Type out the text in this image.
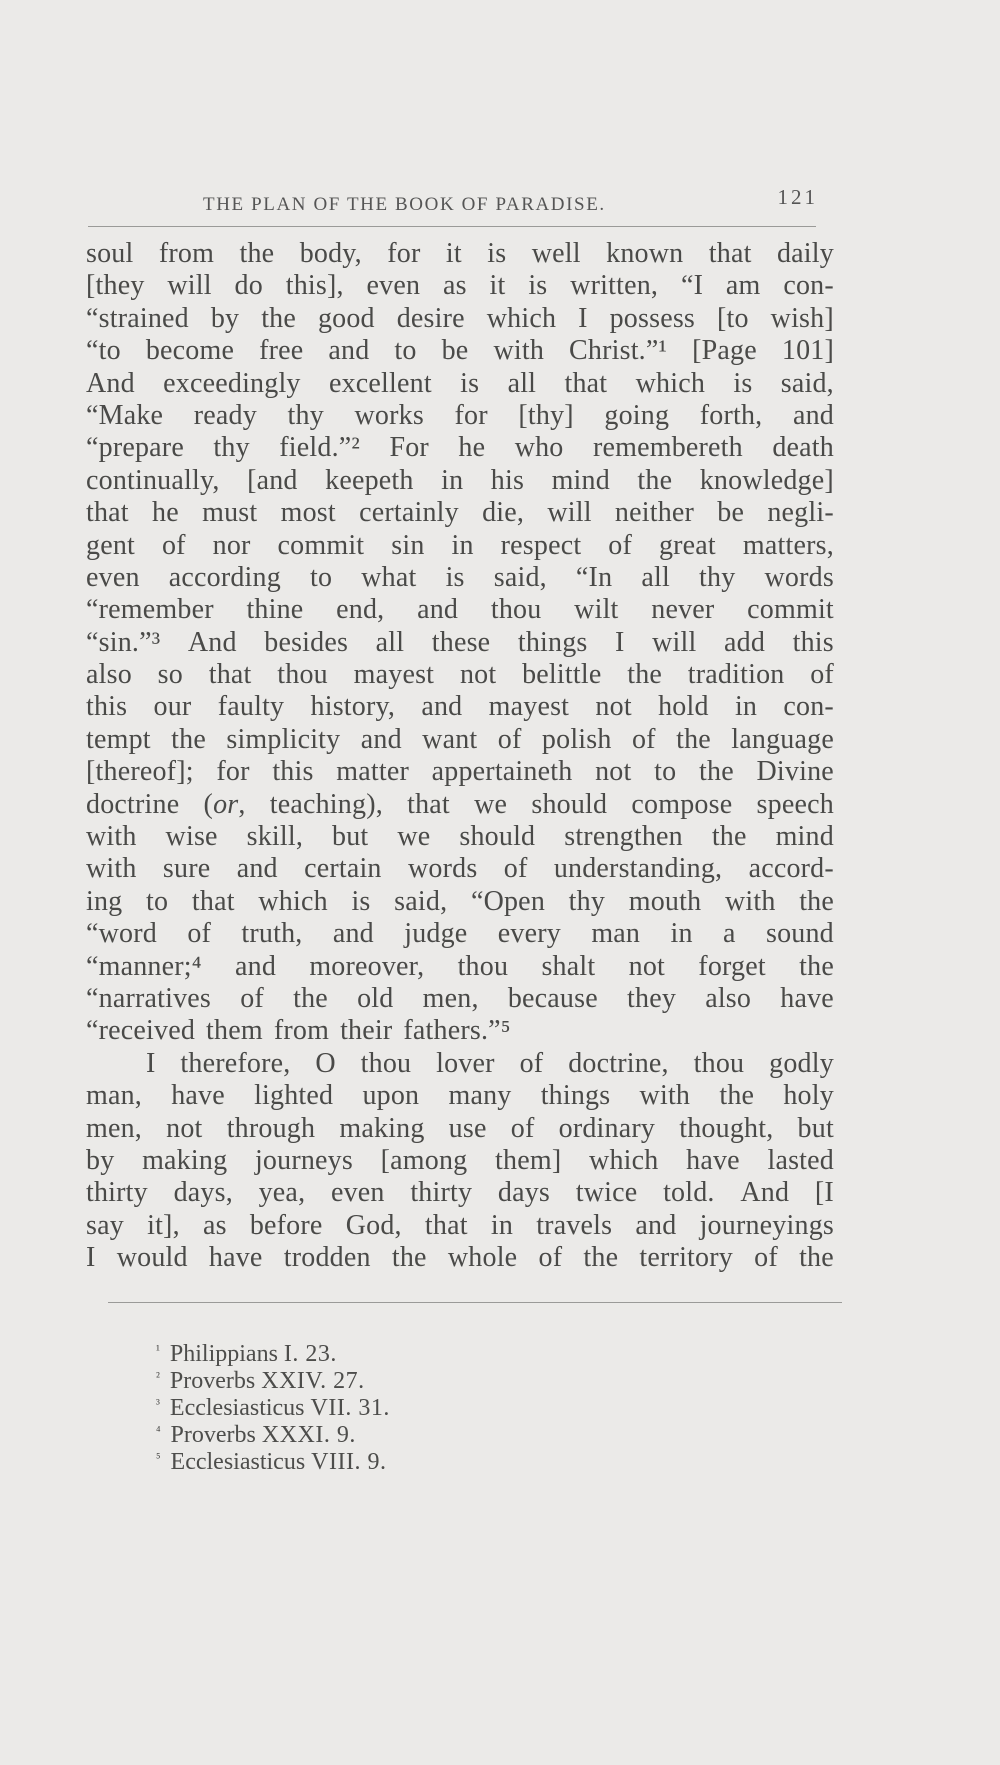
THE PLAN OF THE BOOK OF PARADISE.	121
soul from the body, for it is well known that daily
[they will do this], even as it is written, “I am con-
“strained by the good desire which I possess [to wish]
“to become free and to be with Christ.”¹ [Page 101]
And exceedingly excellent is all that which is said,
“Make ready thy works for [thy] going forth, and
“prepare thy field.”² For he who remembereth death
continually, [and keepeth in his mind the knowledge]
that he must most certainly die, will neither be negli-
gent of nor commit sin in respect of great matters,
even according to what is said, “In all thy words
“remember thine end, and thou wilt never commit
“sin.”³ And besides all these things I will add this
also so that thou mayest not belittle the tradition of
this our faulty history, and mayest not hold in con-
tempt the simplicity and want of polish of the language
[thereof]; for this matter appertaineth not to the Divine
doctrine (or, teaching), that we should compose speech
with wise skill, but we should strengthen the mind
with sure and certain words of understanding, accord-
ing to that which is said, “Open thy mouth with the
“word of truth, and judge every man in a sound
“manner;⁴ and moreover, thou shalt not forget the
“narratives of the old men, because they also have
“received them from their fathers.”⁵
I therefore, O thou lover of doctrine, thou godly
man, have lighted upon many things with the holy
men, not through making use of ordinary thought, but
by making journeys [among them] which have lasted
thirty days, yea, even thirty days twice told. And [I
say it], as before God, that in travels and journeyings
I would have trodden the whole of the territory of the
$^{^1}$ Philippians I. 23.
$^{^2}$ Proverbs XXIV. 27.
$^{^3}$ Ecclesiasticus VII. 31.
$^{^4}$ Proverbs XXXI. 9.
$^{^5}$ Ecclesiasticus VIII. 9.
